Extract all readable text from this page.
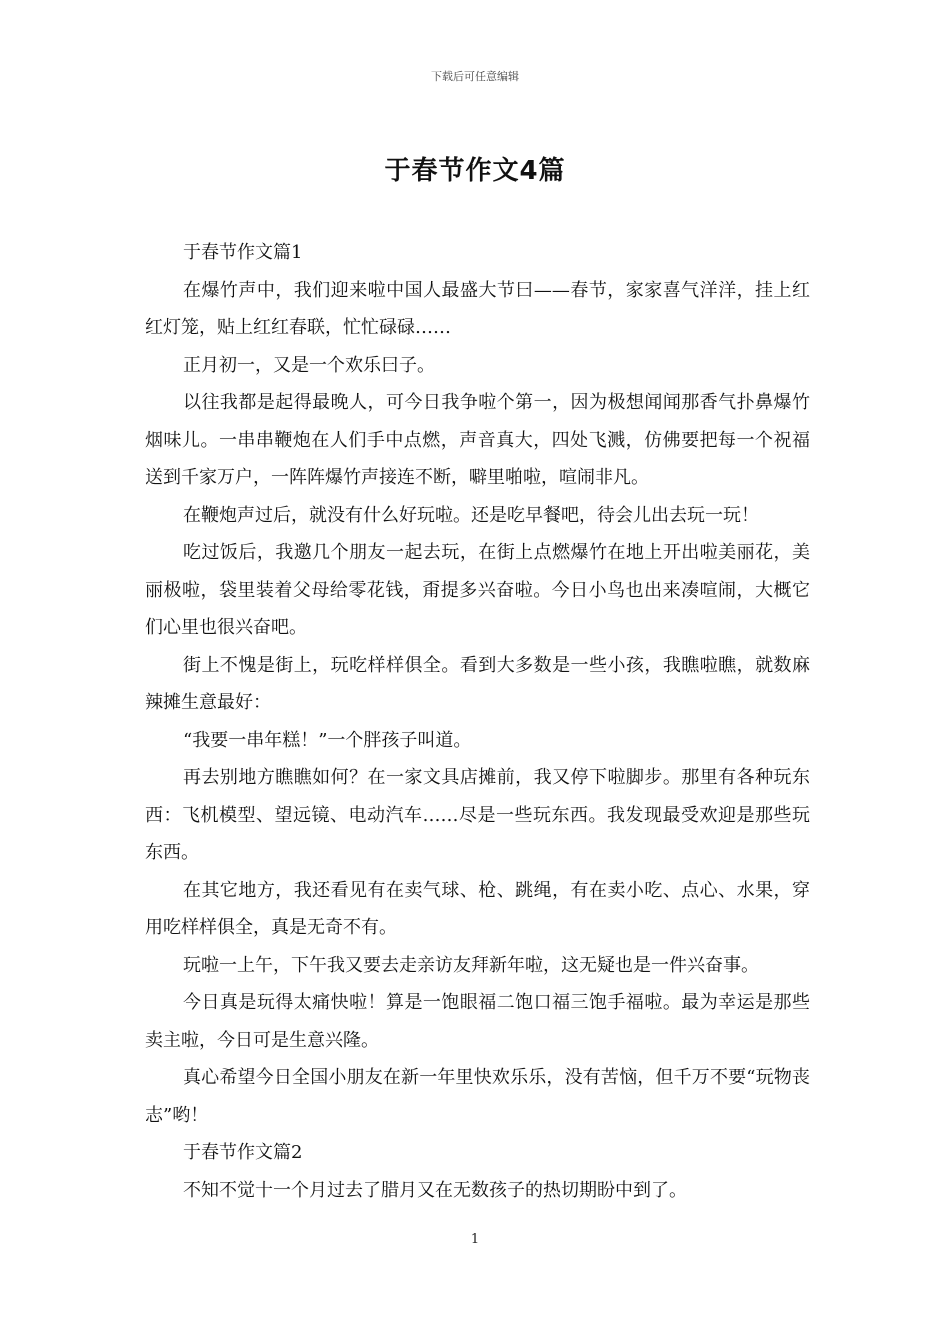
下载后可任意编辑
于春节作文4篇

于春节作文篇1

在爆竹声中，我们迎来啦中国人最盛大节曰——春节，家家喜气洋洋，挂上红红灯笼，贴上红红春联，忙忙碌碌……

正月初一，又是一个欢乐曰子。

以往我都是起得最晚人，可今日我争啦个第一，因为极想闻闻那香气扑鼻爆竹烟味儿。一串串鞭炮在人们手中点燃，声音真大，四处飞溅，仿佛要把每一个祝福送到千家万户，一阵阵爆竹声接连不断，噼里啪啦，喧闹非凡。

在鞭炮声过后，就没有什么好玩啦。还是吃早餐吧，待会儿出去玩一玩！

吃过饭后，我邀几个朋友一起去玩，在街上点燃爆竹在地上开出啦美丽花，美丽极啦，袋里装着父母给零花钱，甭提多兴奋啦。今日小鸟也出来凑喧闹，大概它们心里也很兴奋吧。

街上不愧是街上，玩吃样样俱全。看到大多数是一些小孩，我瞧啦瞧，就数麻辣摊生意最好：

“我要一串年糕！”一个胖孩子叫道。

再去别地方瞧瞧如何？在一家文具店摊前，我又停下啦脚步。那里有各种玩东西：飞机模型、望远镜、电动汽车……尽是一些玩东西。我发现最受欢迎是那些玩东西。

在其它地方，我还看见有在卖气球、枪、跳绳，有在卖小吃、点心、水果，穿用吃样样俱全，真是无奇不有。

玩啦一上午，下午我又要去走亲访友拜新年啦，这无疑也是一件兴奋事。

今日真是玩得太痛快啦！算是一饱眼福二饱口福三饱手福啦。最为幸运是那些卖主啦，今日可是生意兴隆。

真心希望今日全国小朋友在新一年里快欢乐乐，没有苦恼，但千万不要“玩物丧志”哟！

于春节作文篇2

不知不觉十一个月过去了腊月又在无数孩子的热切期盼中到了。

1
